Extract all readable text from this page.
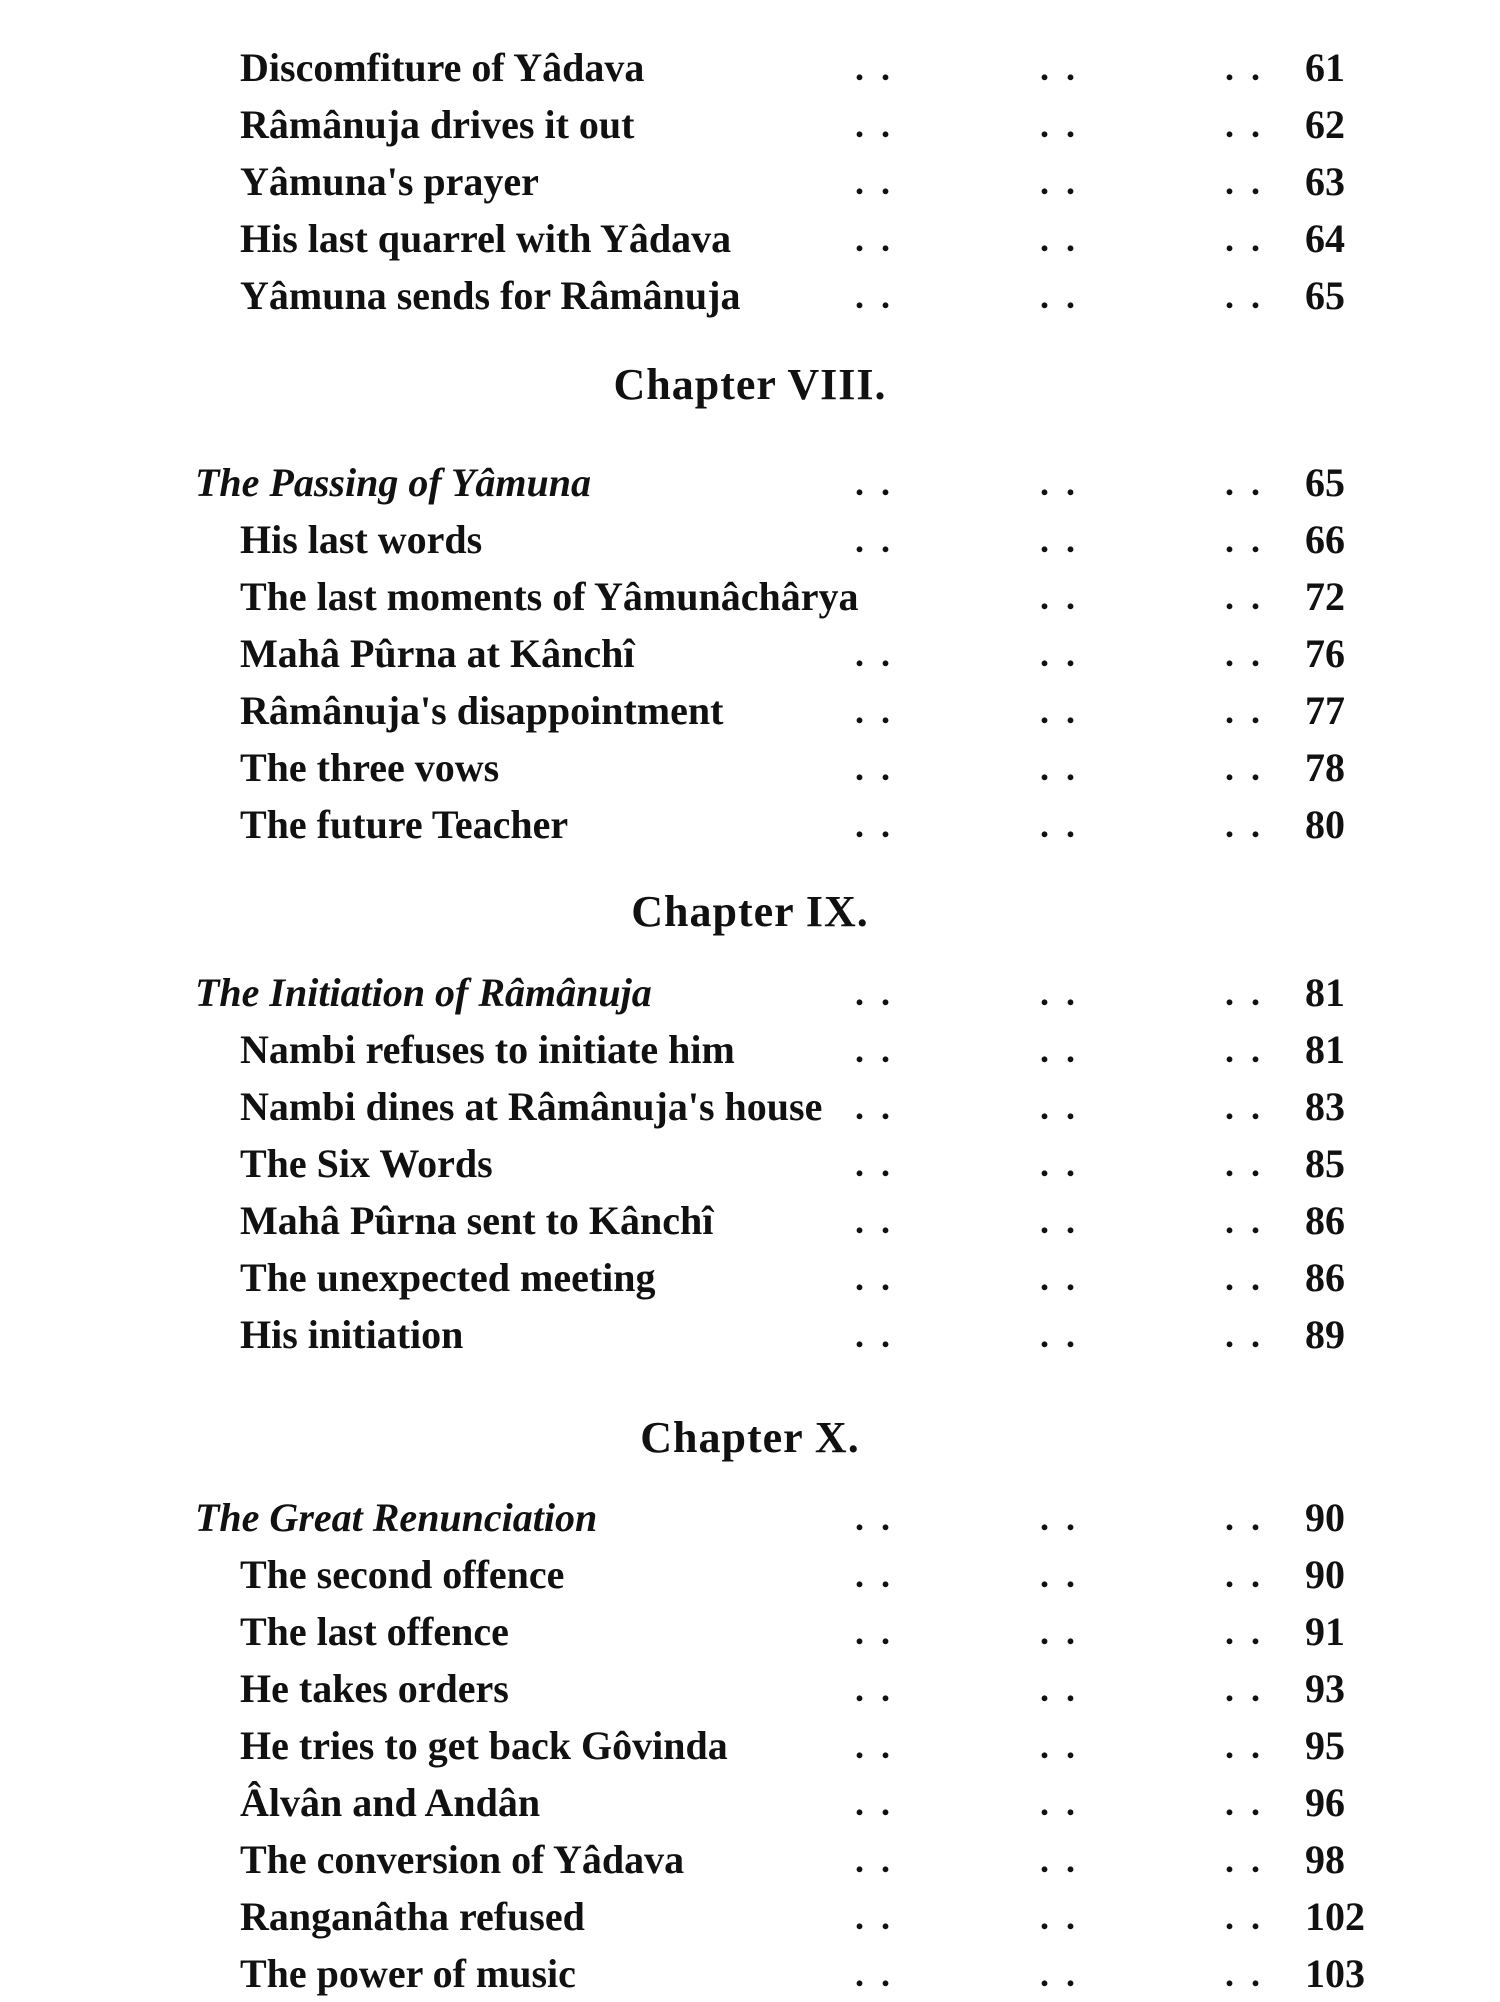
Discomfiture of Yâdava	. .	. .	. . 61
Râmânuja drives it out	. .	. .	. . 62
Yâmuna's prayer	. .	. .	. . 63
His last quarrel with Yâdava	. .	. .	. . 64
Yâmuna sends for Râmânuja	. .	. .	. . 65
Chapter VIII.
The Passing of Yâmuna	. .	. .	. . 65
His last words	. .	. .	. . 66
The last moments of Yâmunâchârya	. .	. . 72
Mahâ Pûrna at Kânchî	. .	. .	. . 76
Râmânuja's disappointment	. .	. .	. . 77
The three vows	. .	. .	. . 78
The future Teacher	. .	. .	. . 80
Chapter IX.
The Initiation of Râmânuja	. .	. .	. . 81
Nambi refuses to initiate him	. .	. .	. . 81
Nambi dines at Râmânuja's house . .	. .	. . 83
The Six Words	. .	. .	. . 85
Mahâ Pûrna sent to Kânchî	. .	. .	. . 86
The unexpected meeting	. .	. .	. . 86
His initiation	. .	. .	. . 89
Chapter X.
The Great Renunciation	. .	. .	. . 90
The second offence	. .	. .	. . 90
The last offence	. .	. .	. . 91
He takes orders	. .	. .	. . 93
He tries to get back Gôvinda	. .	. .	. . 95
Âlvân and Andân	. .	. .	. . 96
The conversion of Yâdava	. .	. .	. . 98
Ranganâtha refused	. .	. .	. . 102
The power of music	. .	. .	. . 103
